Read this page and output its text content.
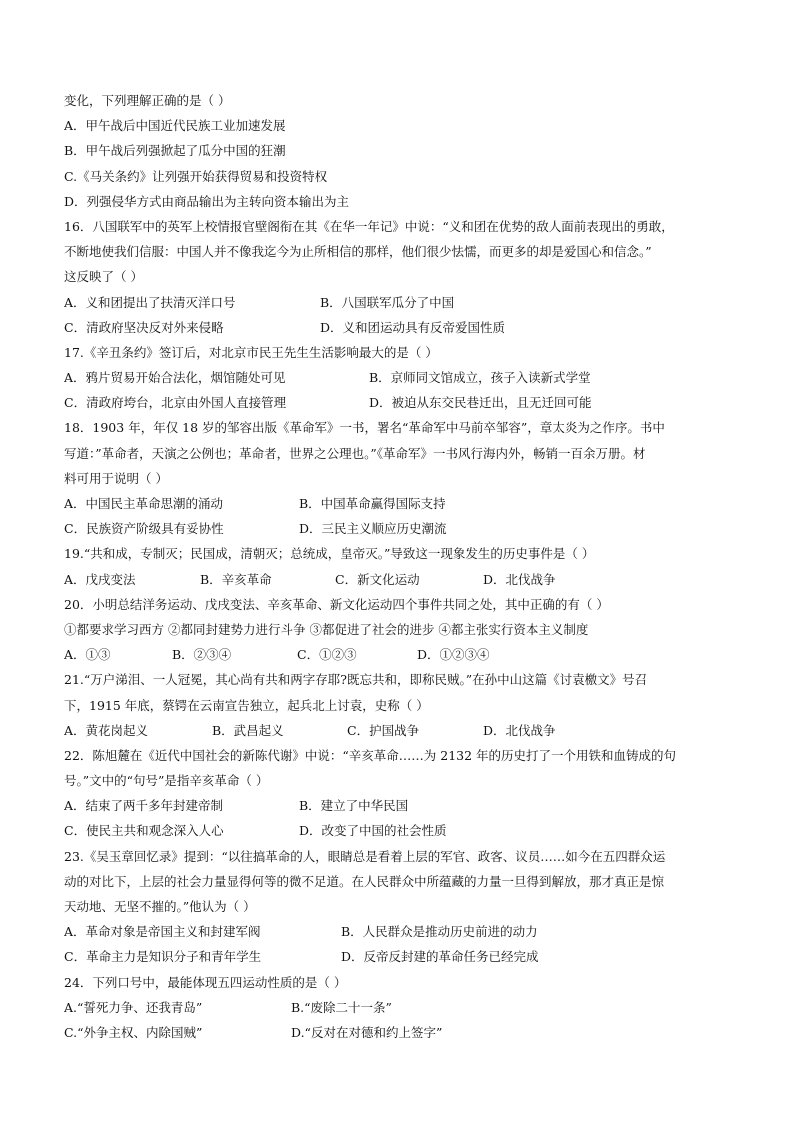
变化，下列理解正确的是（ ）
A．甲午战后中国近代民族工业加速发展
B．甲午战后列强掀起了瓜分中国的狂潮
C.《马关条约》让列强开始获得贸易和投资特权
D．列强侵华方式由商品输出为主转向资本输出为主
16．八国联军中的英军上校情报官壁阁衔在其《在华一年记》中说：“义和团在优势的敌人面前表现出的勇敢，
不断地使我们信服：中国人并不像我迄今为止所相信的那样，他们很少怯懦，而更多的却是爱国心和信念。”
这反映了（ ）
A．义和团提出了扶清灭洋口号	B．八国联军瓜分了中国
C．清政府坚决反对外来侵略	D．义和团运动具有反帝爱国性质
17.《辛丑条约》签订后，对北京市民王先生生活影响最大的是（ ）
A．鸦片贸易开始合法化，烟馆随处可见	B．京师同文馆成立，孩子入读新式学堂
C．清政府垮台，北京由外国人直接管理	D．被迫从东交民巷迁出，且无迁回可能
18．1903 年，年仅 18 岁的邹容出版《革命军》一书，署名“革命军中马前卒邹容”，章太炎为之作序。书中
写道：”革命者，天演之公例也；革命者，世界之公理也。”《革命军》一书风行海内外，畅销一百余万册。材
料可用于说明（ ）
A．中国民主革命思潮的涌动	B．中国革命赢得国际支持
C．民族资产阶级具有妥协性	D．三民主义顺应历史潮流
19.“共和成，专制灭；民国成，清朝灭；总统成，皇帝灭。”导致这一现象发生的历史事件是（ ）
A．戊戌变法	B．辛亥革命	C．新文化运动	D．北伐战争
20．小明总结洋务运动、戊戌变法、辛亥革命、新文化运动四个事件共同之处，其中正确的有（ ）
①都要求学习西方 ②都同封建势力进行斗争 ③都促进了社会的进步 ④都主张实行资本主义制度
A．①③	B．②③④	C．①②③	D．①②③④
21.“万户涕泪、一人冠冕，其心尚有共和两字存耶?既忘共和，即称民贼。”在孙中山这篇《讨袁檄文》号召
下，1915 年底，蔡锷在云南宣告独立，起兵北上讨袁，史称（ ）
A．黄花岗起义	B．武昌起义	C．护国战争	D．北伐战争
22．陈旭麓在《近代中国社会的新陈代谢》中说：“辛亥革命……为 2132 年的历史打了一个用铁和血铸成的句
号。”文中的“句号”是指辛亥革命（ ）
A．结束了两千多年封建帝制	B．建立了中华民国
C．使民主共和观念深入人心	D．改变了中国的社会性质
23.《吴玉章回忆录》提到：“以往搞革命的人，眼睛总是看着上层的军官、政客、议员……如今在五四群众运
动的对比下，上层的社会力量显得何等的微不足道。在人民群众中所蕴藏的力量一旦得到解放，那才真正是惊
天动地、无坚不摧的。”他认为（ ）
A．革命对象是帝国主义和封建军阀	B．人民群众是推动历史前进的动力
C．革命主力是知识分子和青年学生	D．反帝反封建的革命任务已经完成
24．下列口号中，最能体现五四运动性质的是（ ）
A.“誓死力争、还我青岛”	B.“废除二十一条”
C.“外争主权、内除国贼”	D.“反对在对德和约上签字”
